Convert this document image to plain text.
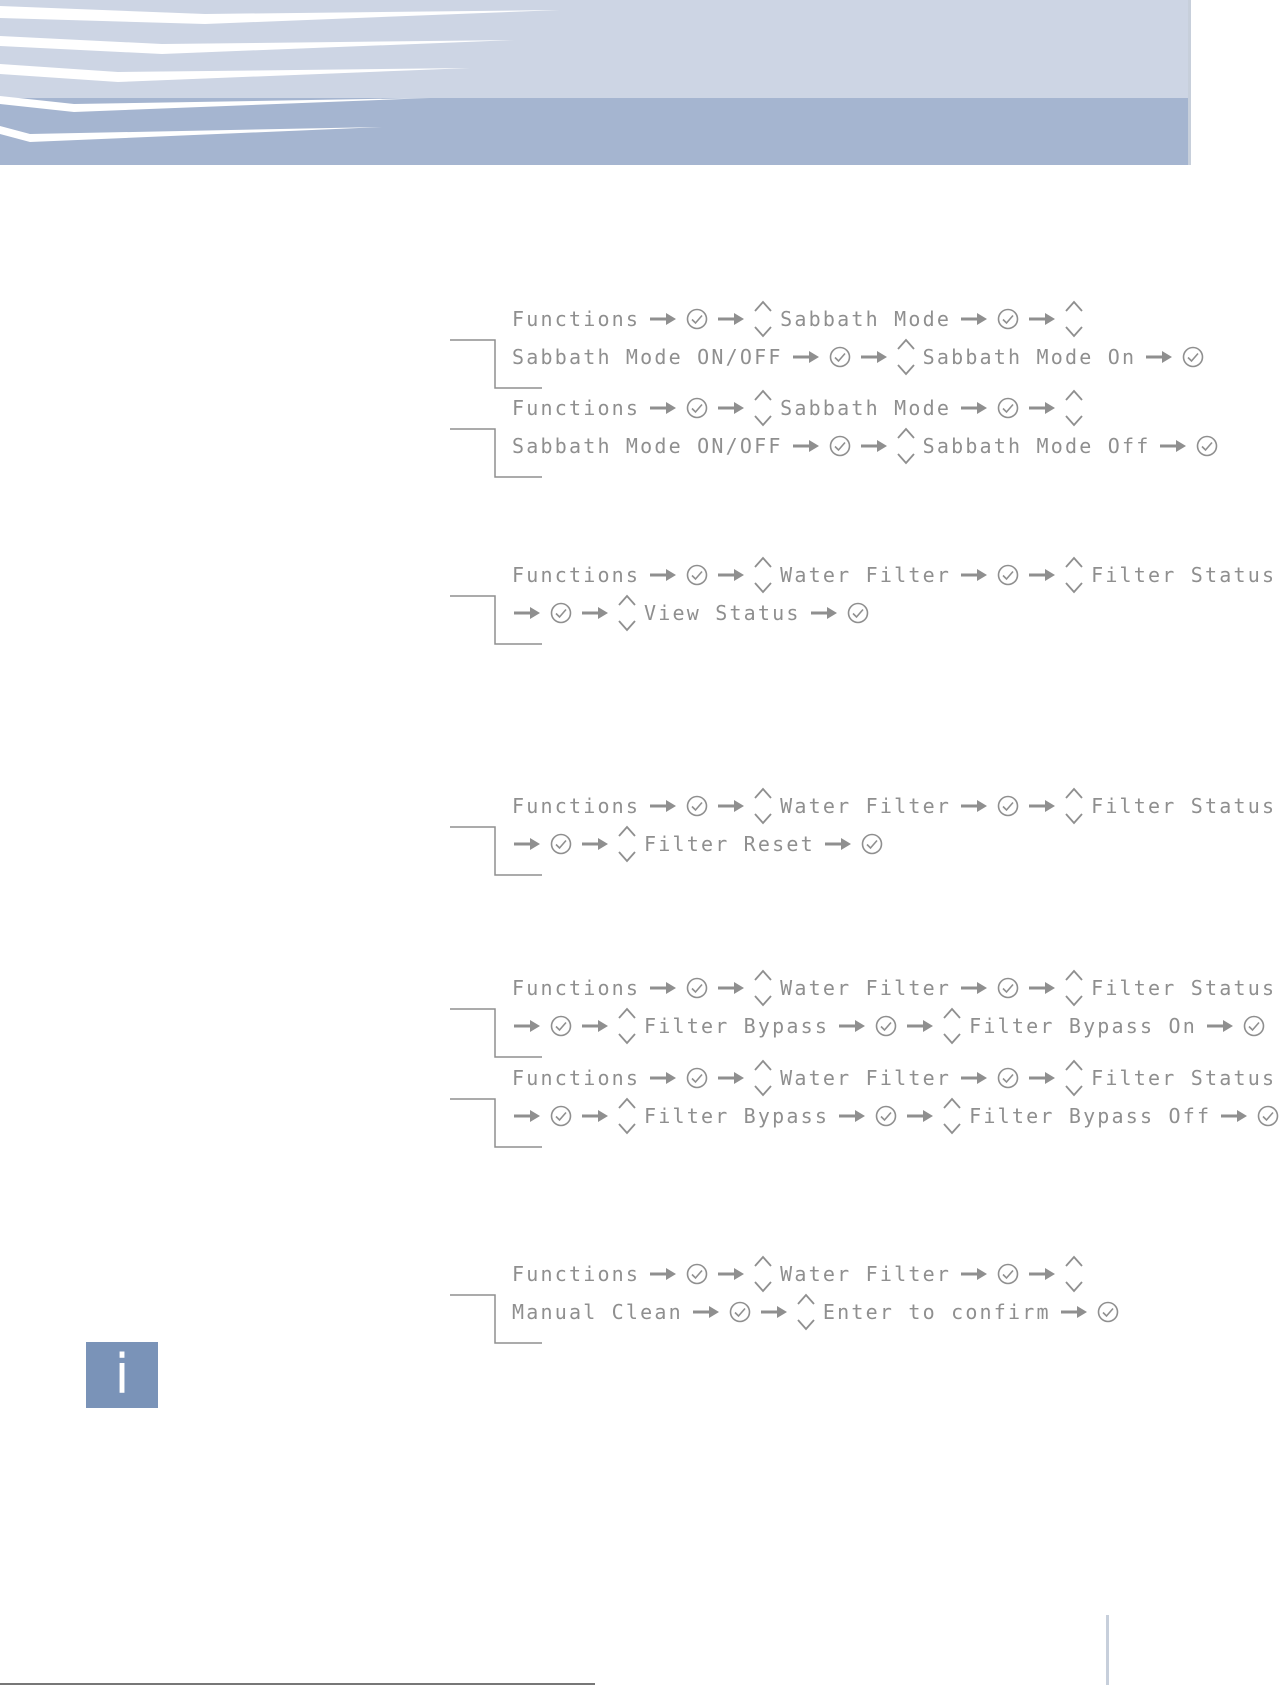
Functions	Sabbath Mode
Sabbath Mode ON/OFF	Sabbath Mode On
Functions	Sabbath Mode
Sabbath Mode ON/OFF	Sabbath Mode Off
Functions	Water Filter	Filter Status
View Status
Functions	Water Filter	Filter Status
Filter Reset
Functions	Water Filter	Filter Status
Filter Bypass	Filter Bypass On
Functions	Water Filter	Filter Status
Filter Bypass	Filter Bypass Off
Functions	Water Filter
Manual Clean	Enter to confirm
i
